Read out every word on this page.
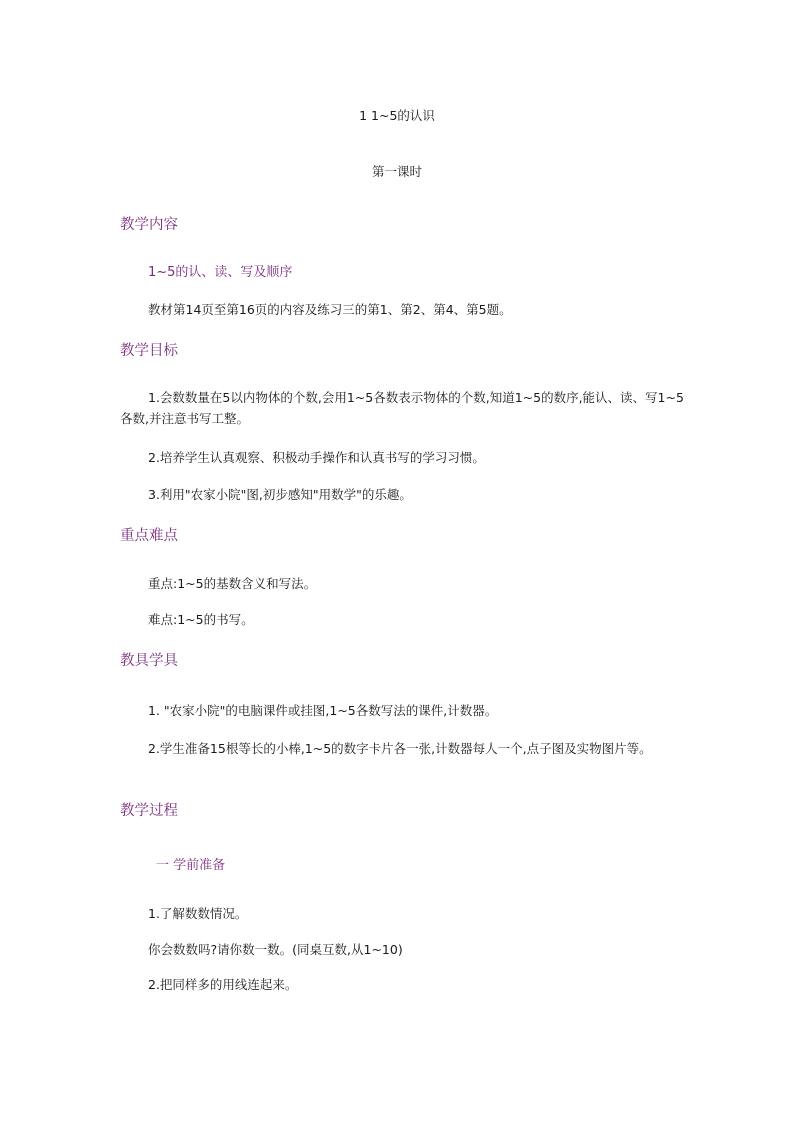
1 1~5的认识

第一课时

教学内容

1~5的认、读、写及顺序

教材第14页至第16页的内容及练习三的第1、第2、第4、第5题。

教学目标

1.会数数量在5以内物体的个数,会用1~5各数表示物体的个数,知道1~5的数序,能认、读、写1~5各数,并注意书写工整。

2.培养学生认真观察、积极动手操作和认真书写的学习习惯。

3.利用"农家小院"图,初步感知"用数学"的乐趣。

重点难点

重点:1~5的基数含义和写法。

难点:1~5的书写。

教具学具

1. "农家小院"的电脑课件或挂图,1~5各数写法的课件,计数器。

2.学生准备15根等长的小棒,1~5的数字卡片各一张,计数器每人一个,点子图及实物图片等。

教学过程

一 学前准备

1.了解数数情况。

你会数数吗?请你数一数。(同桌互数,从1~10)

2.把同样多的用线连起来。
